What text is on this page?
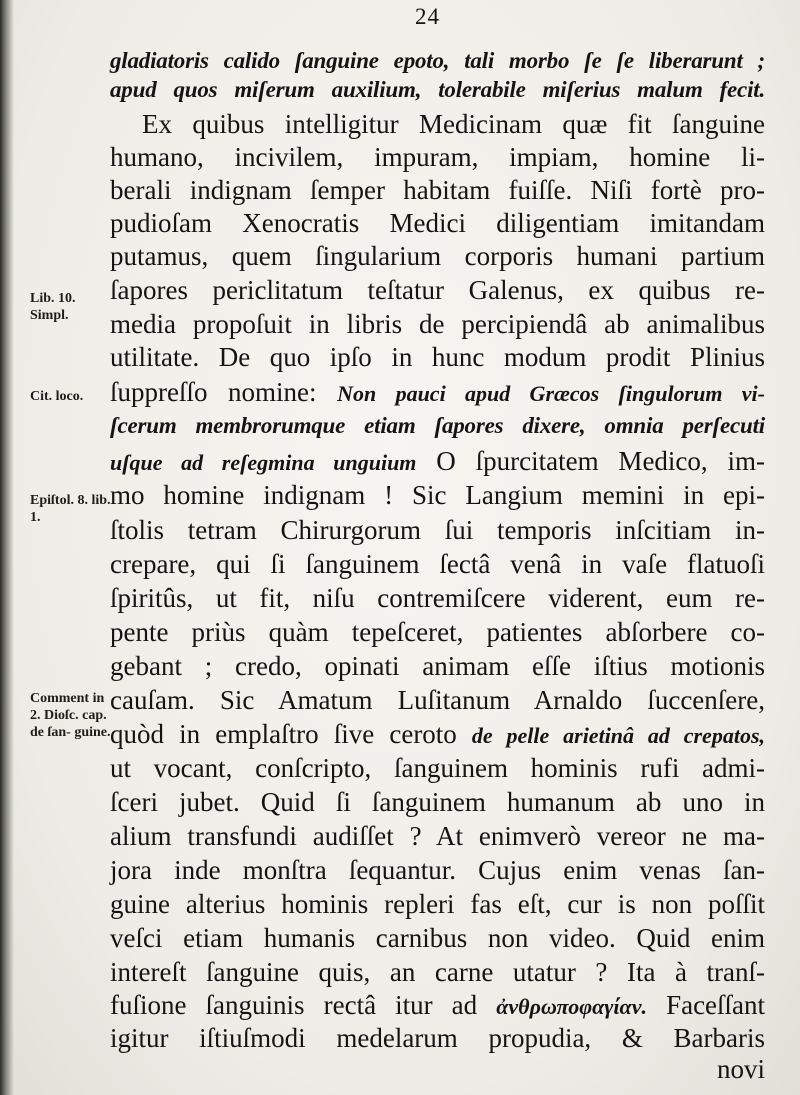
24
gladiatoris calido ſanguine epoto, tali morbo ſe ſe liberarunt ;
apud quos miſerum auxilium, tolerabile miſerius malum fecit.
Ex quibus intelligitur Medicinam quæ fit ſanguine
humano, incivilem, impuram, impiam, homine li-
berali indignam ſemper habitam fuiſſe. Niſi fortè pro-
pudioſam Xenocratis Medici diligentiam imitandam
putamus, quem ſingularium corporis humani partium
ſapores periclitatum teſtatur Galenus, ex quibus re-
media propoſuit in libris de percipiendâ ab animalibus
utilitate. De quo ipſo in hunc modum prodit Plinius
ſuppreſſo nomine: Non pauci apud Græcos ſingulorum vi-
ſcerum membrorumque etiam ſapores dixere, omnia perſecuti
uſque ad reſegmina unguium O ſpurcitatem Medico, im-
mo homine indignam ! Sic Langium memini in epi-
ſtolis tetram Chirurgorum ſui temporis inſcitiam in-
crepare, qui ſi ſanguinem ſectâ venâ in vaſe flatuoſi
ſpiritûs, ut fit, niſu contremiſcere viderent, eum re-
pente priùs quàm tepeſceret, patientes abſorbere co-
gebant ; credo, opinati animam eſſe iſtius motionis
cauſam. Sic Amatum Luſitanum Arnaldo ſuccenſere,
quòd in emplaſtro ſive ceroto de pelle arietinâ ad crepatos,
ut vocant, conſcripto, ſanguinem hominis rufi admi-
ſceri jubet. Quid ſi ſanguinem humanum ab uno in
alium transfundi audiſſet ? At enimverò vereor ne ma-
jora inde monſtra ſequantur. Cujus enim venas ſan-
guine alterius hominis repleri fas eſt, cur is non poſſit
veſci etiam humanis carnibus non video. Quid enim
intereſt ſanguine quis, an carne utatur ? Ita à tranſ-
fuſione ſanguinis rectâ itur ad ἀνθρωποφαγίαν. Faceſſant
igitur iſtiuſmodi medelarum propudia, & Barbaris
novi
Lib. 10. Simpl.
Cit. loco.
Epiſtol. 8. lib. 1.
Comment in 2. Dioſc. cap. de ſan- guine.
